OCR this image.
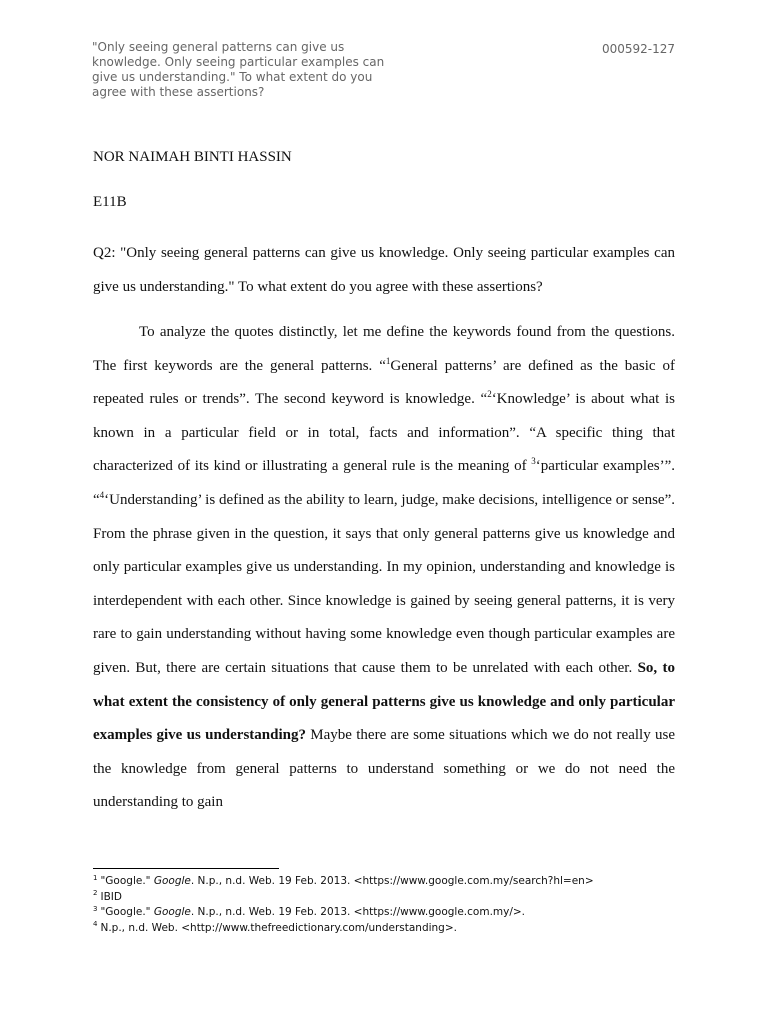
"Only seeing general patterns can give us knowledge. Only seeing particular examples can give us understanding." To what extent do you agree with these assertions?
000592-127
NOR NAIMAH BINTI HASSIN
E11B
Q2: "Only seeing general patterns can give us knowledge. Only seeing particular examples can give us understanding." To what extent do you agree with these assertions?
To analyze the quotes distinctly, let me define the keywords found from the questions. The first keywords are the general patterns. “$^1$General patterns’ are defined as the basic of repeated rules or trends”. The second keyword is knowledge. “$^2$‘Knowledge’ is about what is known in a particular field or in total, facts and information”. “A specific thing that characterized of its kind or illustrating a general rule is the meaning of $^3$‘particular examples’”. “$^4$‘Understanding’ is defined as the ability to learn, judge, make decisions, intelligence or sense”. From the phrase given in the question, it says that only general patterns give us knowledge and only particular examples give us understanding. In my opinion, understanding and knowledge is interdependent with each other. Since knowledge is gained by seeing general patterns, it is very rare to gain understanding without having some knowledge even though particular examples are given. But, there are certain situations that cause them to be unrelated with each other. So, to what extent the consistency of only general patterns give us knowledge and only particular examples give us understanding? Maybe there are some situations which we do not really use the knowledge from general patterns to understand something or we do not need the understanding to gain
$^1$ "Google." Google. N.p., n.d. Web. 19 Feb. 2013. <https://www.google.com.my/search?hl=en>
$^2$ IBID
$^3$ "Google." Google. N.p., n.d. Web. 19 Feb. 2013. <https://www.google.com.my/>.
$^4$ N.p., n.d. Web. <http://www.thefreedictionary.com/understanding>.
